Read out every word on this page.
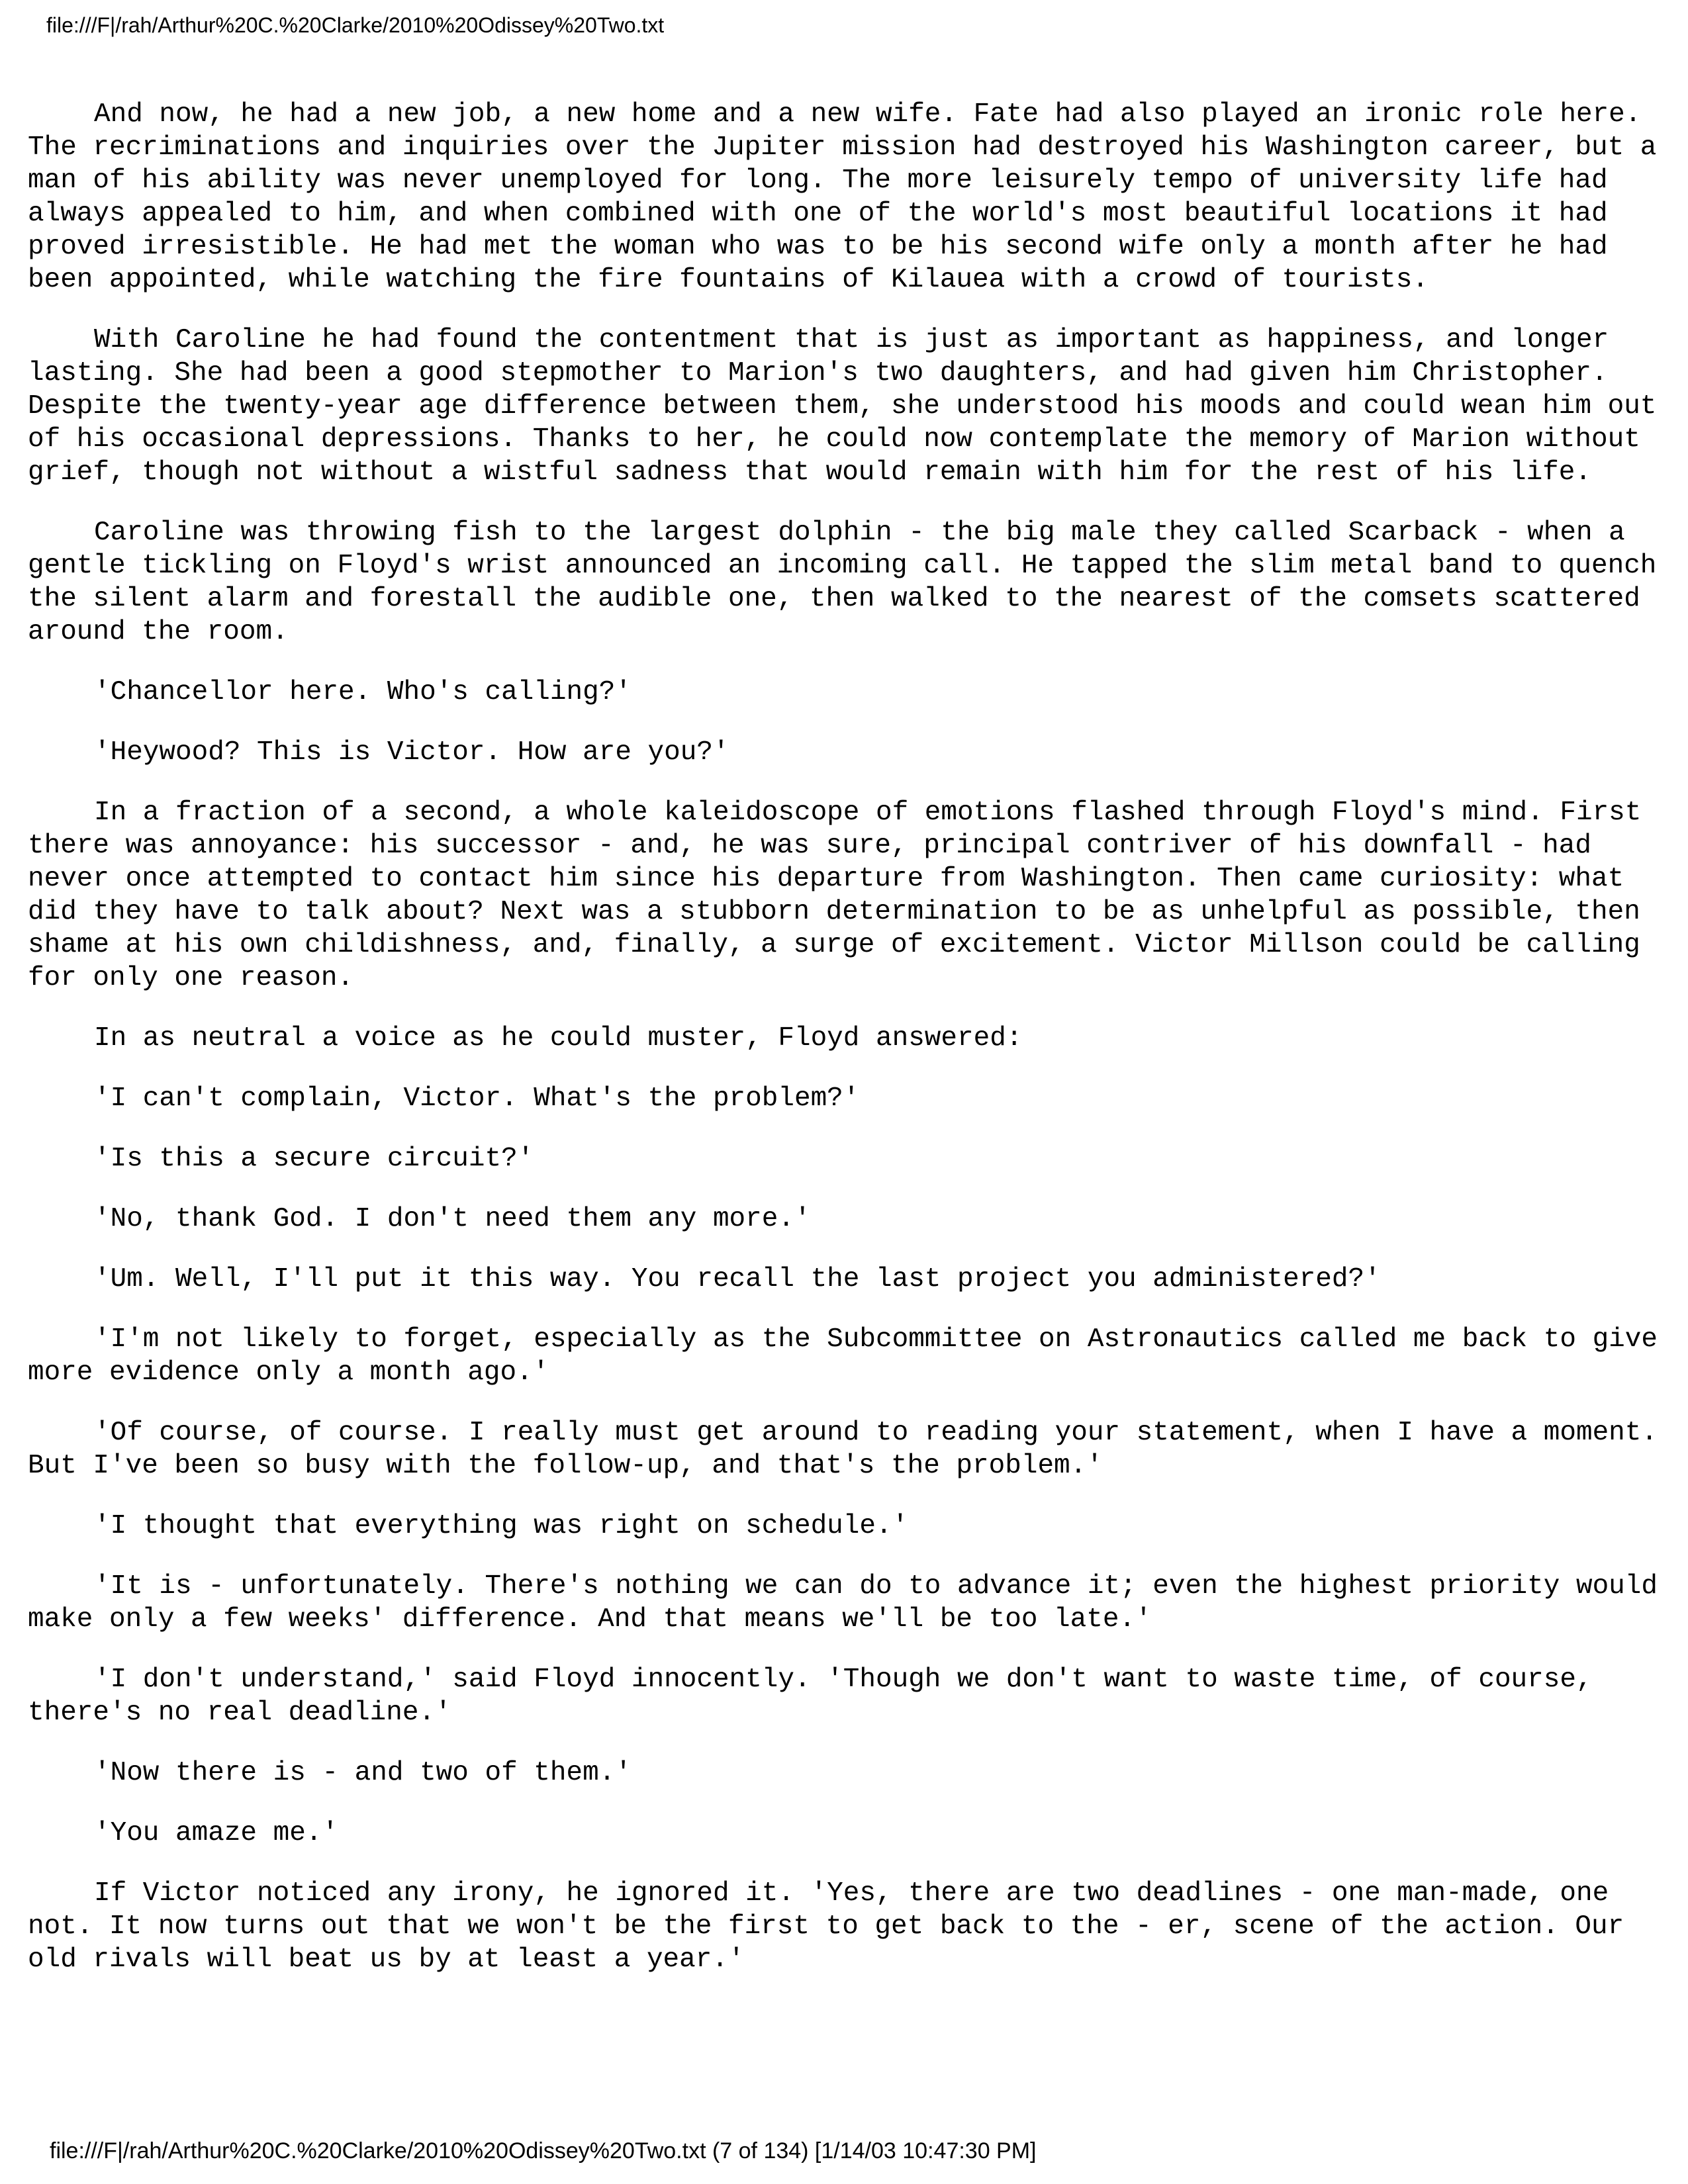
file:///F|/rah/Arthur%20C.%20Clarke/2010%20Odissey%20Two.txt

And now, he had a new job, a new home and a new wife. Fate had also played an ironic role here. The recriminations and inquiries over the Jupiter mission had destroyed his Washington career, but a man of his ability was never unemployed for long. The more leisurely tempo of university life had always appealed to him, and when combined with one of the world's most beautiful locations it had proved irresistible. He had met the woman who was to be his second wife only a month after he had been appointed, while watching the fire fountains of Kilauea with a crowd of tourists.

With Caroline he had found the contentment that is just as important as happiness, and longer lasting. She had been a good stepmother to Marion's two daughters, and had given him Christopher. Despite the twenty-year age difference between them, she understood his moods and could wean him out of his occasional depressions. Thanks to her, he could now contemplate the memory of Marion without grief, though not without a wistful sadness that would remain with him for the rest of his life.

Caroline was throwing fish to the largest dolphin - the big male they called Scarback - when a gentle tickling on Floyd's wrist announced an incoming call. He tapped the slim metal band to quench the silent alarm and forestall the audible one, then walked to the nearest of the comsets scattered around the room.

'Chancellor here. Who's calling?'

'Heywood? This is Victor. How are you?'

In a fraction of a second, a whole kaleidoscope of emotions flashed through Floyd's mind. First there was annoyance: his successor - and, he was sure, principal contriver of his downfall - had never once attempted to contact him since his departure from Washington. Then came curiosity: what did they have to talk about? Next was a stubborn determination to be as unhelpful as possible, then shame at his own childishness, and, finally, a surge of excitement. Victor Millson could be calling for only one reason.

In as neutral a voice as he could muster, Floyd answered:

'I can't complain, Victor. What's the problem?'

'Is this a secure circuit?'

'No, thank God. I don't need them any more.'

'Um. Well, I'll put it this way. You recall the last project you administered?'

'I'm not likely to forget, especially as the Subcommittee on Astronautics called me back to give more evidence only a month ago.'

'Of course, of course. I really must get around to reading your statement, when I have a moment. But I've been so busy with the follow-up, and that's the problem.'

'I thought that everything was right on schedule.'

'It is - unfortunately. There's nothing we can do to advance it; even the highest priority would make only a few weeks' difference. And that means we'll be too late.'

'I don't understand,' said Floyd innocently. 'Though we don't want to waste time, of course, there's no real deadline.'

'Now there is - and two of them.'

'You amaze me.'

If Victor noticed any irony, he ignored it. 'Yes, there are two deadlines - one man-made, one not. It now turns out that we won't be the first to get back to the - er, scene of the action. Our old rivals will beat us by at least a year.'

file:///F|/rah/Arthur%20C.%20Clarke/2010%20Odissey%20Two.txt (7 of 134) [1/14/03 10:47:30 PM]
